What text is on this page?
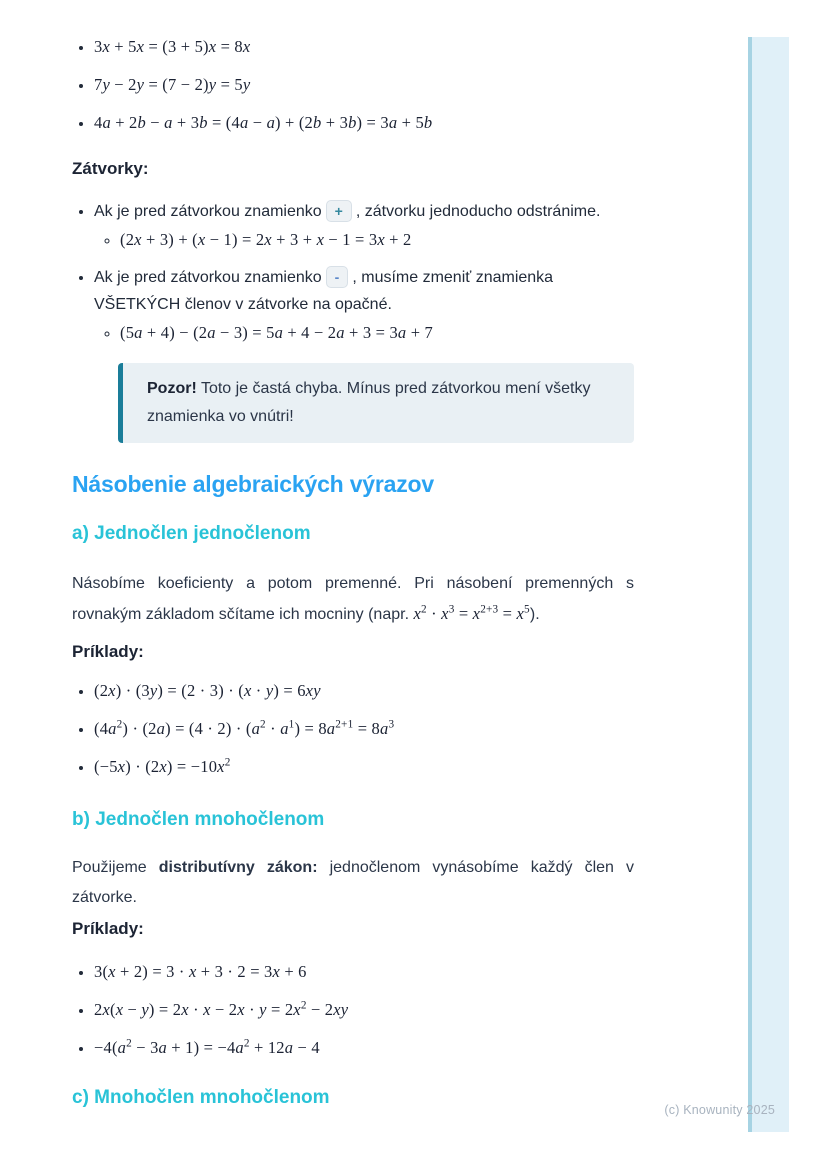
• 3x + 5x = (3 + 5)x = 8x
• 7y − 2y = (7 − 2)y = 5y
• 4a + 2b − a + 3b = (4a − a) + (2b + 3b) = 3a + 5b
Zátvorky:
• Ak je pred zátvorkou znamienko + , zátvorku jednoducho odstránime.
◦ (2x + 3) + (x − 1) = 2x + 3 + x − 1 = 3x + 2
• Ak je pred zátvorkou znamienko - , musíme zmeniť znamienka VŠETKÝCH členov v zátvorke na opačné.
◦ (5a + 4) − (2a − 3) = 5a + 4 − 2a + 3 = 3a + 7
Pozor! Toto je častá chyba. Mínus pred zátvorkou mení všetky znamienka vo vnútri!
Násobenie algebraických výrazov
a) Jednočlen jednočlenom

Násobíme koeficienty a potom premenné. Pri násobení premenných s rovnakým základom sčítame ich mocniny (napr. $x^2 \cdot x^3 = x^{2+3} = x^5$).

Príklady:
• (2x) · (3y) = (2 · 3) · (x · y) = 6xy
• $(4a^2) \cdot (2a) = (4 \cdot 2) \cdot (a^2 \cdot a^1) = 8a^{2+1} = 8a^3$
• $(-5x) \cdot (2x) = -10x^2$
b) Jednočlen mnohočlenom

Použijeme distributívny zákon: jednočlenom vynásobíme každý člen v zátvorke.

Príklady:
• 3(x + 2) = 3 · x + 3 · 2 = 3x + 6
• $2x(x - y) = 2x \cdot x - 2x \cdot y = 2x^2 - 2xy$
• $-4(a^2 - 3a + 1) = -4a^2 + 12a - 4$
c) Mnohočlen mnohočlenom
(c) Knowunity 2025
